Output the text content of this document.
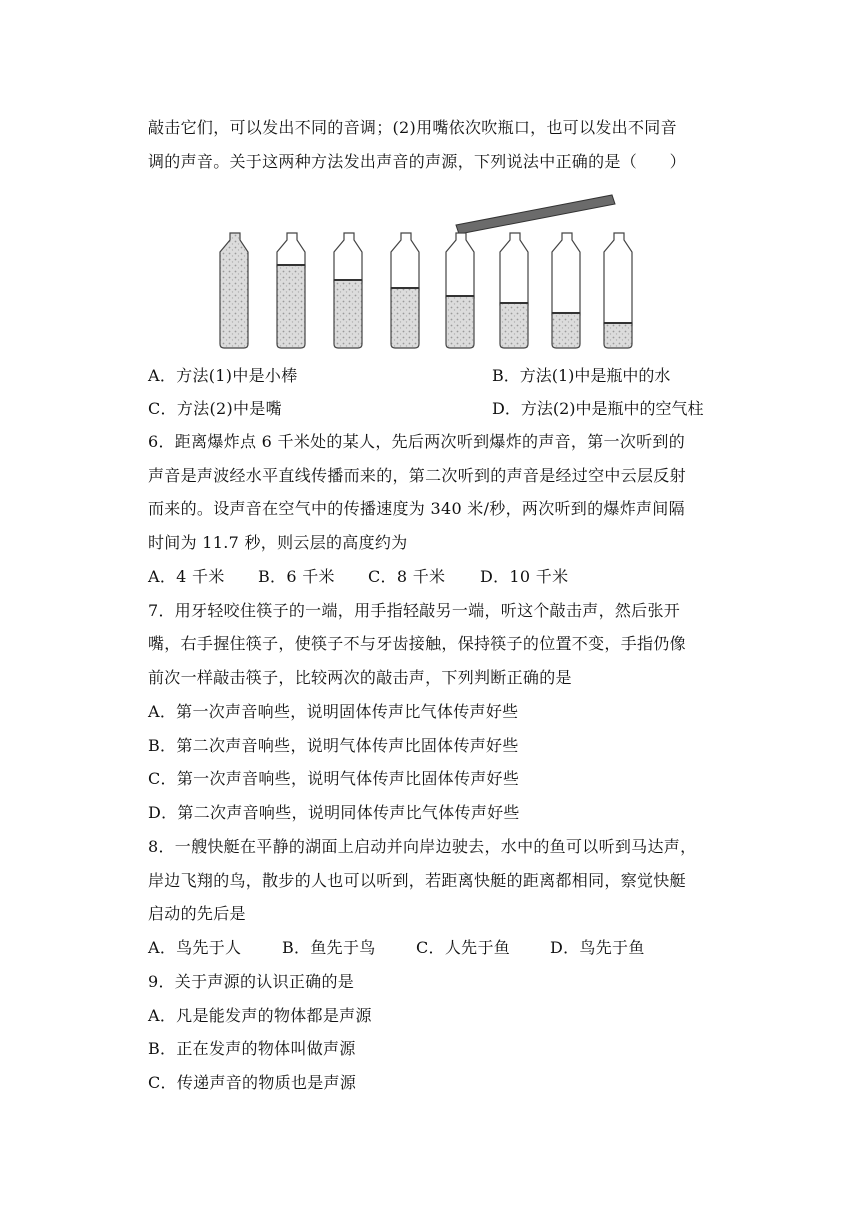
敲击它们，可以发出不同的音调；(2)用嘴依次吹瓶口，也可以发出不同音
调的声音。关于这两种方法发出声音的声源，下列说法中正确的是（　　）
A．方法(1)中是小棒	B．方法(1)中是瓶中的水
C．方法(2)中是嘴	D．方法(2)中是瓶中的空气柱
6．距离爆炸点 6 千米处的某人，先后两次听到爆炸的声音，第一次听到的
声音是声波经水平直线传播而来的，第二次听到的声音是经过空中云层反射
而来的。设声音在空气中的传播速度为 340 米/秒，两次听到的爆炸声间隔
时间为 11.7 秒，则云层的高度约为
A．4 千米 B．6 千米 C．8 千米 D．10 千米
7．用牙轻咬住筷子的一端，用手指轻敲另一端，听这个敲击声，然后张开
嘴，右手握住筷子，使筷子不与牙齿接触，保持筷子的位置不变，手指仍像
前次一样敲击筷子，比较两次的敲击声，下列判断正确的是
A．第一次声音响些，说明固体传声比气体传声好些
B．第二次声音响些，说明气体传声比固体传声好些
C．第一次声音响些，说明气体传声比固体传声好些
D．第二次声音响些，说明同体传声比气体传声好些
8．一艘快艇在平静的湖面上启动并向岸边驶去，水中的鱼可以听到马达声，
岸边飞翔的鸟，散步的人也可以听到，若距离快艇的距离都相同，察觉快艇
启动的先后是
A．鸟先于人	B．鱼先于鸟	C．人先于鱼 D．鸟先于鱼
9．关于声源的认识正确的是
A．凡是能发声的物体都是声源
B．正在发声的物体叫做声源
C．传递声音的物质也是声源
